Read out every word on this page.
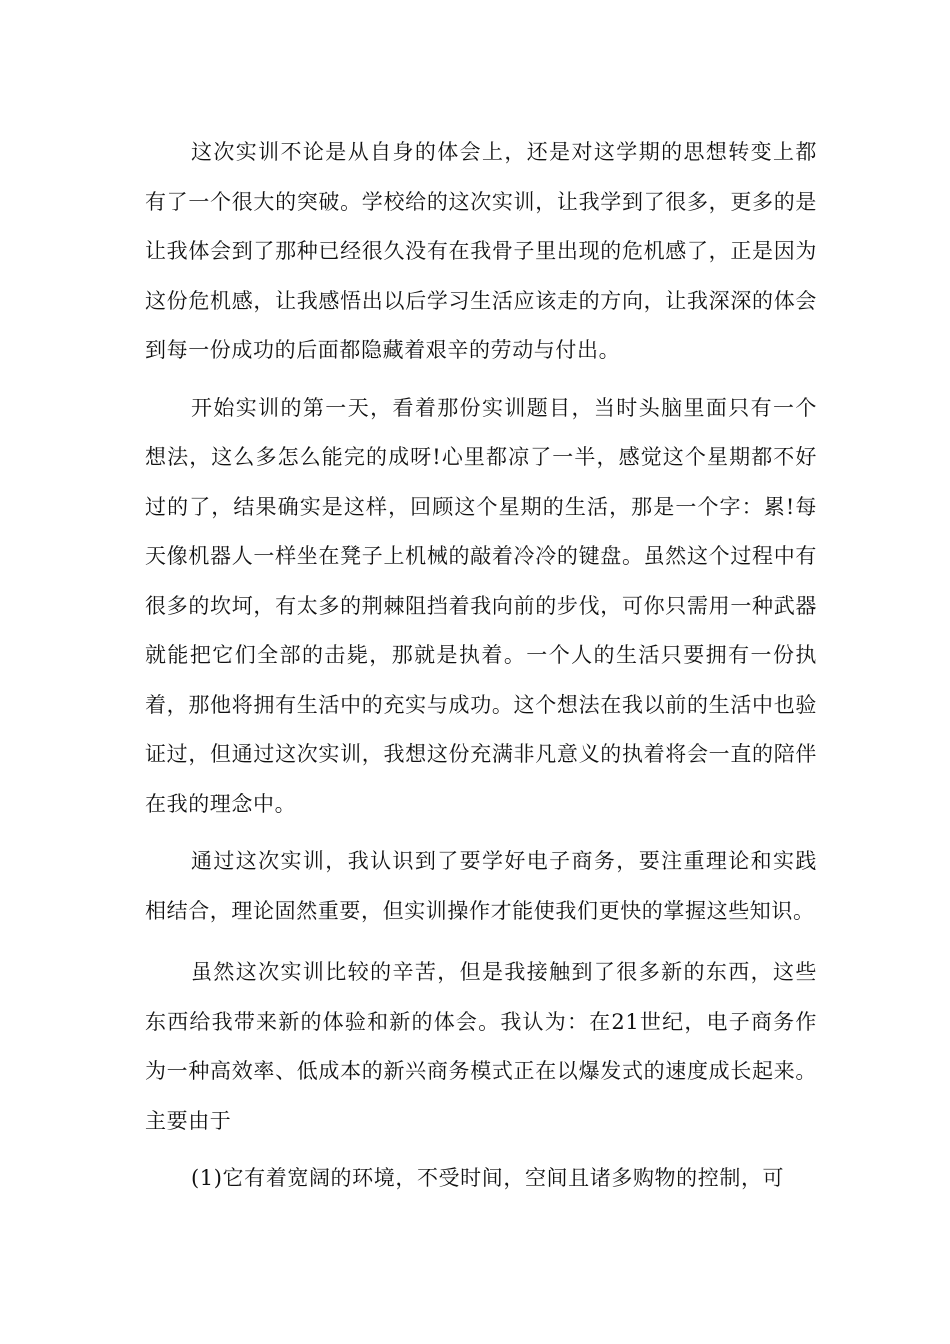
这次实训不论是从自身的体会上，还是对这学期的思想转变上都有了一个很大的突破。学校给的这次实训，让我学到了很多，更多的是让我体会到了那种已经很久没有在我骨子里出现的危机感了，正是因为这份危机感，让我感悟出以后学习生活应该走的方向，让我深深的体会到每一份成功的后面都隐藏着艰辛的劳动与付出。

开始实训的第一天，看着那份实训题目，当时头脑里面只有一个想法，这么多怎么能完的成呀!心里都凉了一半，感觉这个星期都不好过的了，结果确实是这样，回顾这个星期的生活，那是一个字：累!每天像机器人一样坐在凳子上机械的敲着冷冷的键盘。虽然这个过程中有很多的坎坷，有太多的荆棘阻挡着我向前的步伐，可你只需用一种武器就能把它们全部的击毙，那就是执着。一个人的生活只要拥有一份执着，那他将拥有生活中的充实与成功。这个想法在我以前的生活中也验证过，但通过这次实训，我想这份充满非凡意义的执着将会一直的陪伴在我的理念中。

通过这次实训，我认识到了要学好电子商务，要注重理论和实践相结合，理论固然重要，但实训操作才能使我们更快的掌握这些知识。

虽然这次实训比较的辛苦，但是我接触到了很多新的东西，这些东西给我带来新的体验和新的体会。我认为：在21世纪，电子商务作为一种高效率、低成本的新兴商务模式正在以爆发式的速度成长起来。主要由于

(1)它有着宽阔的环境，不受时间，空间且诸多购物的控制，可
